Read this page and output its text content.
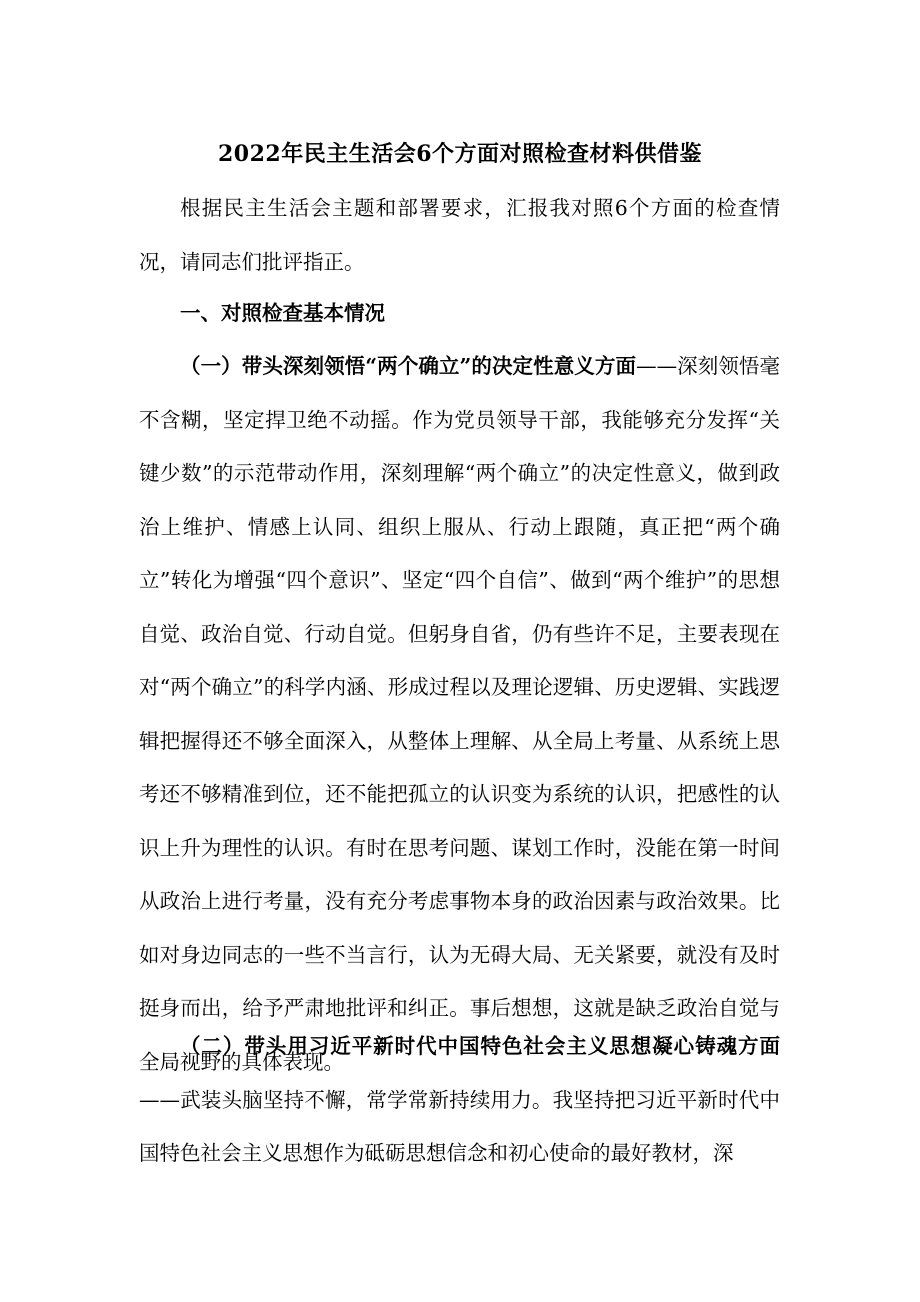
2022年民主生活会6个方面对照检查材料供借鉴
根据民主生活会主题和部署要求，汇报我对照6个方面的检查情况，请同志们批评指正。
一、对照检查基本情况
（一）带头深刻领悟“两个确立”的决定性意义方面——深刻领悟毫不含糊，坚定捍卫绝不动摇。作为党员领导干部，我能够充分发挥“关键少数”的示范带动作用，深刻理解“两个确立”的决定性意义，做到政治上维护、情感上认同、组织上服从、行动上跟随，真正把“两个确立”转化为增强“四个意识”、坚定“四个自信”、做到“两个维护”的思想自觉、政治自觉、行动自觉。但躬身自省，仍有些许不足，主要表现在对“两个确立”的科学内涵、形成过程以及理论逻辑、历史逻辑、实践逻辑把握得还不够全面深入，从整体上理解、从全局上考量、从系统上思考还不够精准到位，还不能把孤立的认识变为系统的认识，把感性的认识上升为理性的认识。有时在思考问题、谋划工作时，没能在第一时间从政治上进行考量，没有充分考虑事物本身的政治因素与政治效果。比如对身边同志的一些不当言行，认为无碍大局、无关紧要，就没有及时挺身而出，给予严肃地批评和纠正。事后想想，这就是缺乏政治自觉与全局视野的具体表现。
（二）带头用习近平新时代中国特色社会主义思想凝心铸魂方面——武装头脑坚持不懈，常学常新持续用力。我坚持把习近平新时代中国特色社会主义思想作为砥砺思想信念和初心使命的最好教材，深
